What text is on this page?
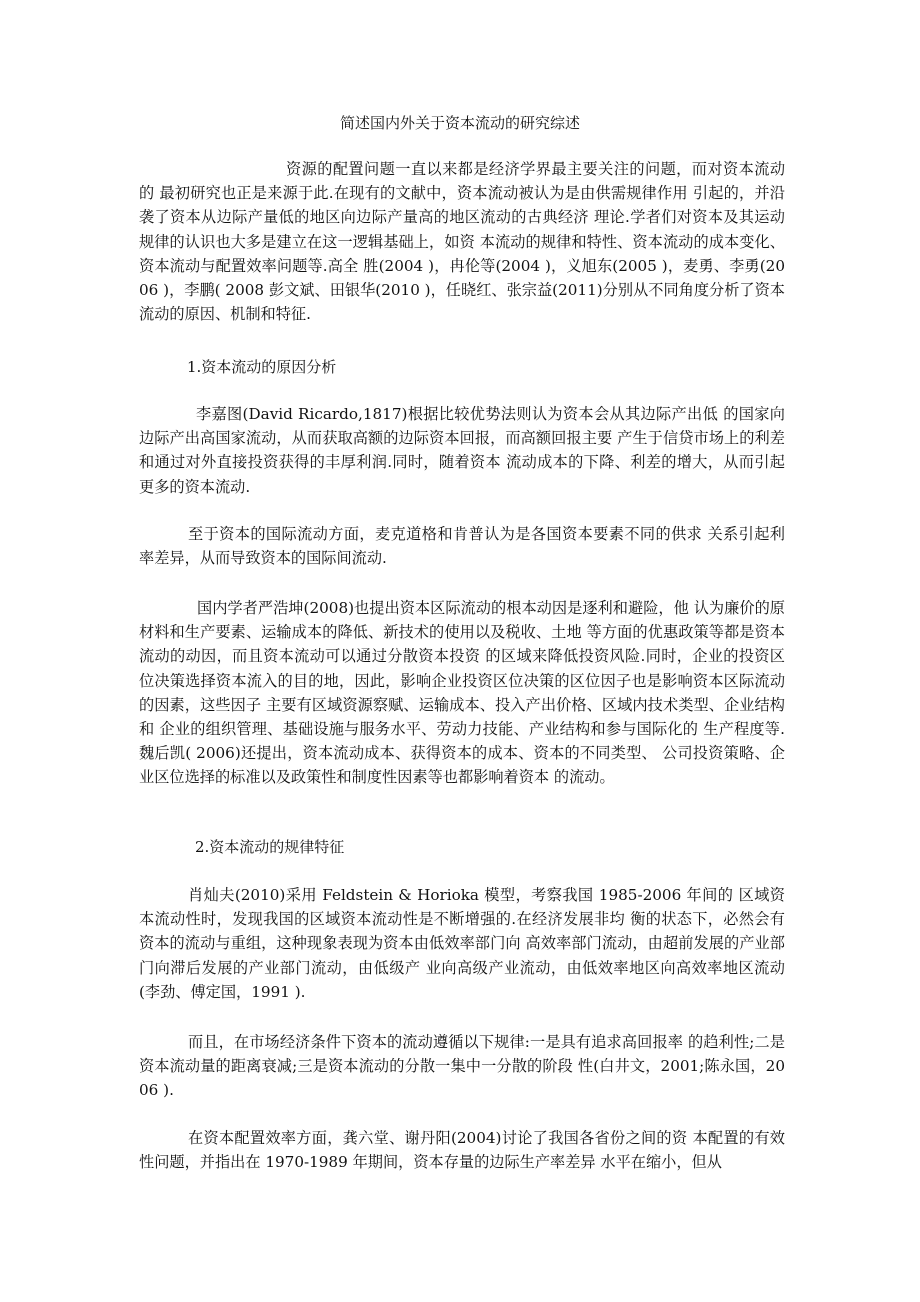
简述国内外关于资本流动的研究综述

资源的配置问题一直以来都是经济学界最主要关注的问题，而对资本流动的 最初研究也正是来源于此.在现有的文献中，资本流动被认为是由供需规律作用 引起的，并沿袭了资本从边际产量低的地区向边际产量高的地区流动的古典经济 理论.学者们对资本及其运动规律的认识也大多是建立在这一逻辑基础上，如资 本流动的规律和特性、资本流动的成本变化、资本流动与配置效率问题等.高全 胜(2004 )，冉伦等(2004 )，义旭东(2005 )，麦勇、李勇(2006 )，李鹏( 2008 彭文斌、田银华(2010 )，任晓红、张宗益(2011)分别从不同角度分析了资本 流动的原因、机制和特征.

1.资本流动的原因分析

李嘉图(David Ricardo,1817)根据比较优势法则认为资本会从其边际产出低 的国家向边际产出高国家流动，从而获取高额的边际资本回报，而高额回报主要 产生于信贷市场上的利差和通过对外直接投资获得的丰厚利润.同时，随着资本 流动成本的下降、利差的增大，从而引起更多的资本流动.

至于资本的国际流动方面，麦克道格和肯普认为是各国资本要素不同的供求 关系引起利率差异，从而导致资本的国际间流动.

国内学者严浩坤(2008)也提出资本区际流动的根本动因是逐利和避险，他 认为廉价的原材料和生产要素、运输成本的降低、新技术的使用以及税收、土地 等方面的优惠政策等都是资本流动的动因，而且资本流动可以通过分散资本投资 的区域来降低投资风险.同时，企业的投资区位决策选择资本流入的目的地，因此，影响企业投资区位决策的区位因子也是影响资本区际流动的因素，这些因子 主要有区域资源察赋、运输成本、投入产出价格、区域内技术类型、企业结构和 企业的组织管理、基础设施与服务水平、劳动力技能、产业结构和参与国际化的 生产程度等.　 魏后凯( 2006)还提出，资本流动成本、获得资本的成本、资本的不同类型、 公司投资策略、企业区位选择的标准以及政策性和制度性因素等也都影响着资本 的流动。

2.资本流动的规律特征

肖灿夫(2010)采用 Feldstein & Horioka 模型，考察我国 1985-2006 年间的 区域资本流动性时，发现我国的区域资本流动性是不断增强的.在经济发展非均 衡的状态下，必然会有资本的流动与重组，这种现象表现为资本由低效率部门向 高效率部门流动，由超前发展的产业部门向滞后发展的产业部门流动，由低级产 业向高级产业流动，由低效率地区向高效率地区流动(李劲、傅定国，1991 ).

而且，在市场经济条件下资本的流动遵循以下规律:一是具有追求高回报率 的趋利性;二是资本流动量的距离衰减;三是资本流动的分散一集中一分散的阶段 性(白井文，2001;陈永国，2006 ).

在资本配置效率方面，龚六堂、谢丹阳(2004)讨论了我国各省份之间的资 本配置的有效性问题，并指出在 1970-1989 年期间，资本存量的边际生产率差异 水平在缩小，但从
